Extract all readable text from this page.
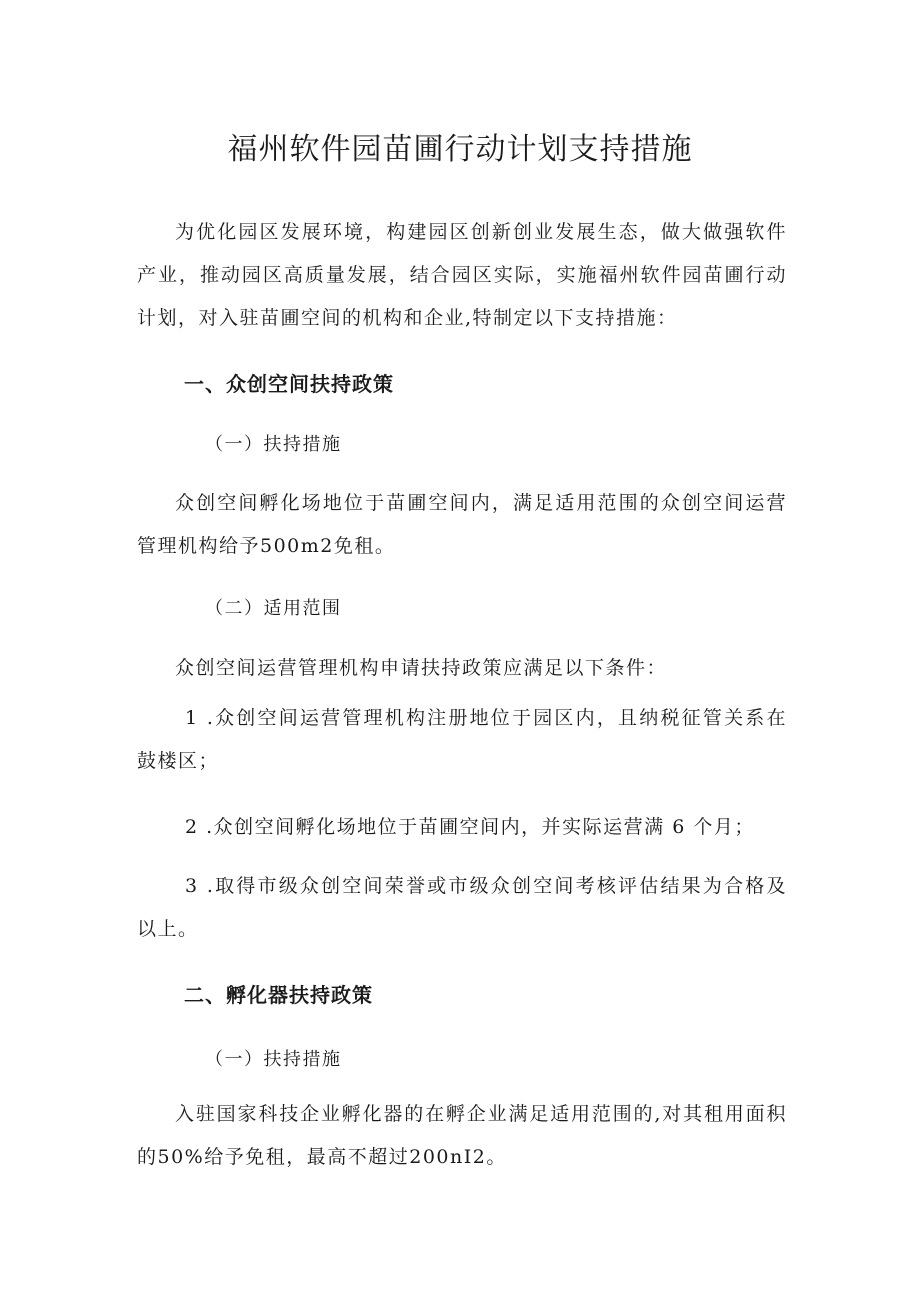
福州软件园苗圃行动计划支持措施
为优化园区发展环境，构建园区创新创业发展生态，做大做强软件产业，推动园区高质量发展，结合园区实际，实施福州软件园苗圃行动计划，对入驻苗圃空间的机构和企业,特制定以下支持措施：
一、众创空间扶持政策
（一）扶持措施
众创空间孵化场地位于苗圃空间内，满足适用范围的众创空间运营管理机构给予500m2免租。
（二）适用范围
众创空间运营管理机构申请扶持政策应满足以下条件：
1 .众创空间运营管理机构注册地位于园区内，且纳税征管关系在鼓楼区；
2 .众创空间孵化场地位于苗圃空间内，并实际运营满 6 个月；
3 .取得市级众创空间荣誉或市级众创空间考核评估结果为合格及以上。
二、孵化器扶持政策
（一）扶持措施
入驻国家科技企业孵化器的在孵企业满足适用范围的,对其租用面积的50%给予免租，最高不超过200nI2。
